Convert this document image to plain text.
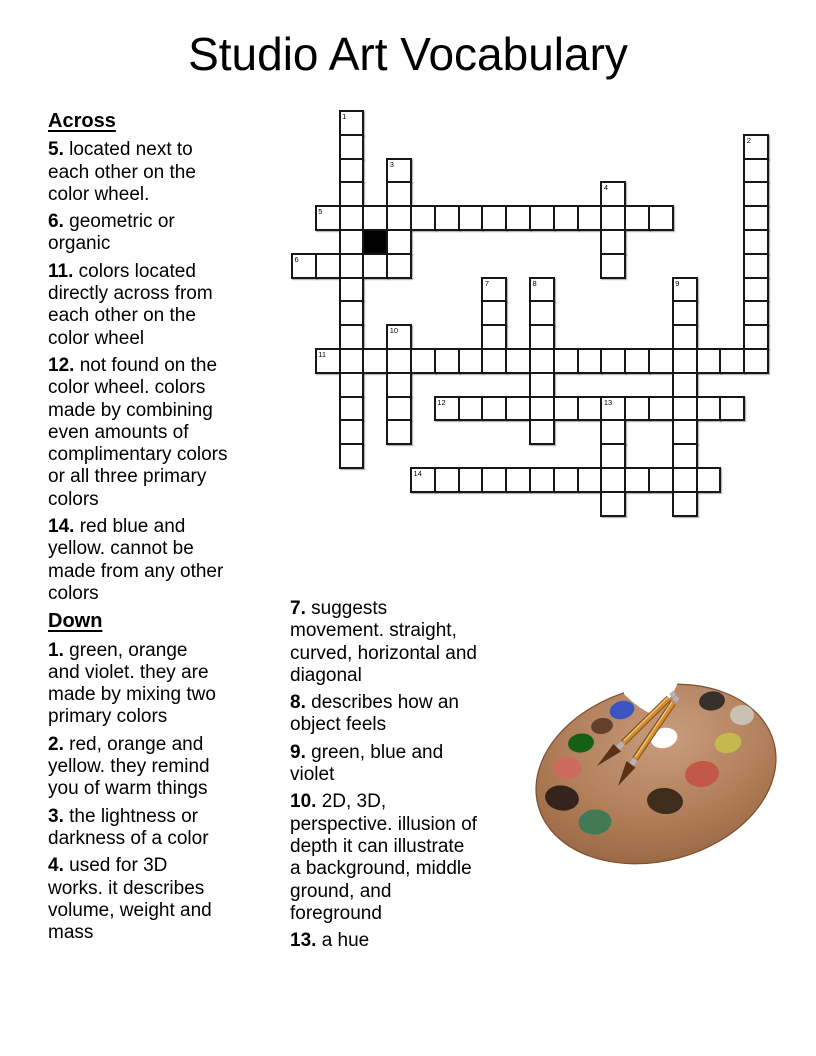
Studio Art Vocabulary

Across

5. located next to
each other on the
color wheel.

6. geometric or
organic

11. colors located
directly across from
each other on the
color wheel

12. not found on the
color wheel. colors
made by combining
even amounts of
complimentary colors
or all three primary
colors

14. red blue and
yellow. cannot be
made from any other
colors

Down

1. green, orange
and violet. they are
made by mixing two
primary colors

2. red, orange and
yellow. they remind
you of warm things

3. the lightness or
darkness of a color

4. used for 3D
works. it describes
volume, weight and
mass

7. suggests
movement. straight,
curved, horizontal and
diagonal

8. describes how an
object feels

9. green, blue and
violet

10. 2D, 3D,
perspective. illusion of
depth it can illustrate
a background, middle
ground, and
foreground

13. a hue

1
2
3
4
5
6
7	8	9
10
11
12	13
14
